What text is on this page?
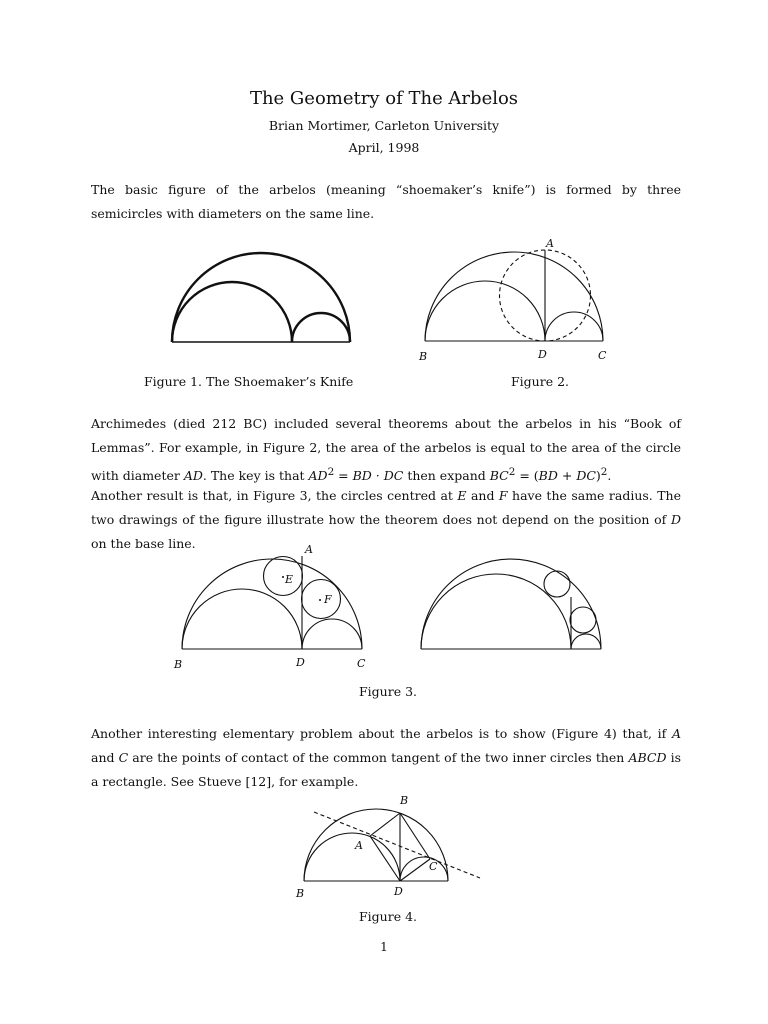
The Geometry of The Arbelos
Brian Mortimer, Carleton University
April, 1998
The basic figure of the arbelos (meaning “shoemaker’s knife”) is formed by three semicircles with diameters on the same line.
A
B	D	C
Figure 1. The Shoemaker’s Knife	Figure 2.
Archimedes (died 212 BC) included several theorems about the arbelos in his “Book of Lemmas”. For example, in Figure 2, the area of the arbelos is equal to the area of the circle with diameter AD. The key is that $AD^2$ = BD · DC then expand $BC^2 = (BD + DC)^2$.
Another result is that, in Figure 3, the circles centred at E and F have the same radius. The two drawings of the figure illustrate how the theorem does not depend on the position of D on the base line.	A
E
F
B	D	C
Figure 3.
Another interesting elementary problem about the arbelos is to show (Figure 4) that, if A and C are the points of contact of the common tangent of the two inner circles then ABCD is a rectangle. See Stueve [12], for example.
B
A
C
B	D
Figure 4.
1
